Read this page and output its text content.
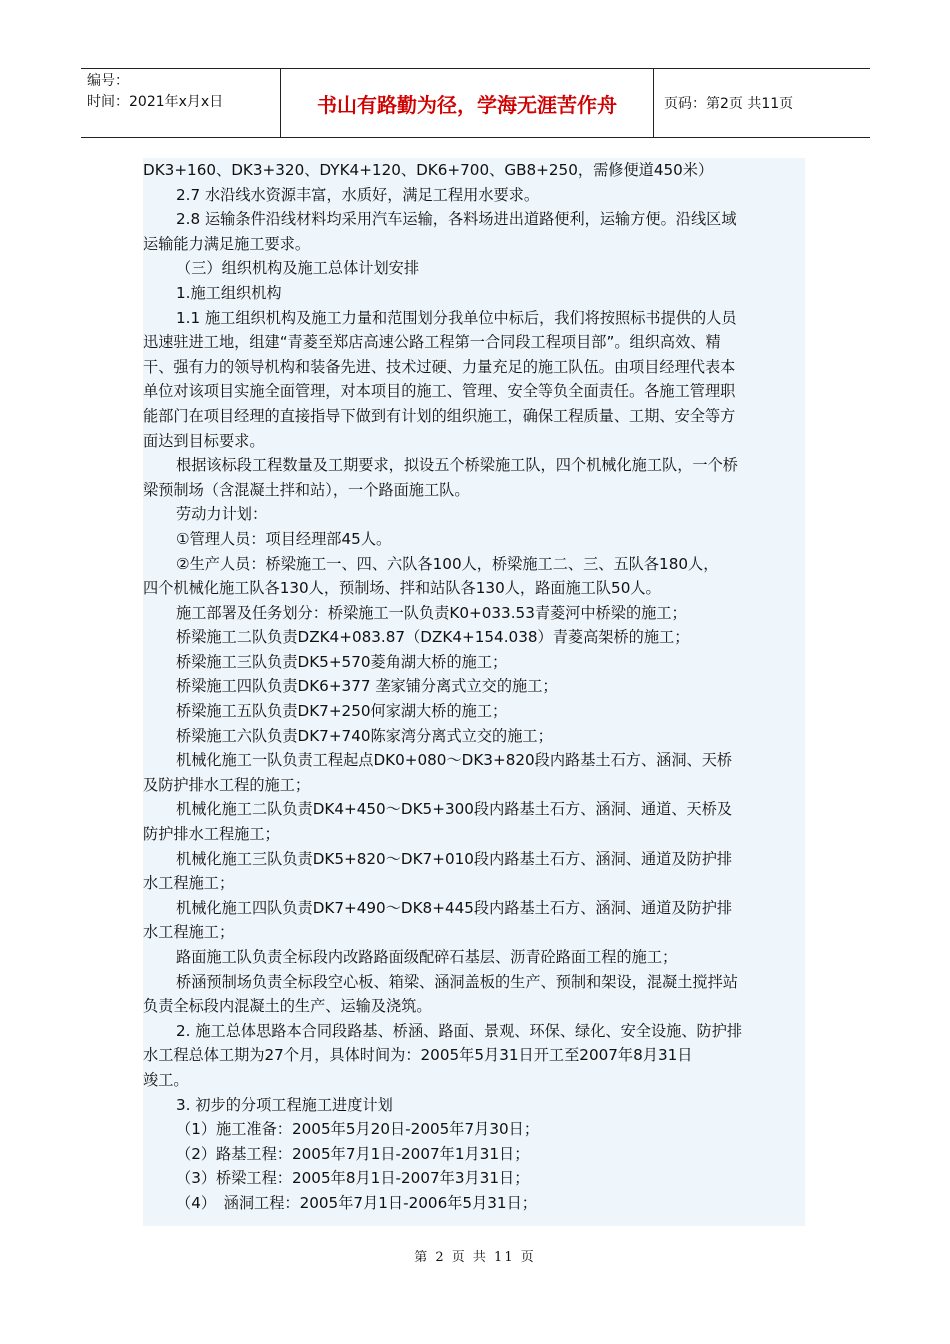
编号：
时间：2021年x月x日	书山有路勤为径，学海无涯苦作舟	页码：第2页 共11页

DK3+160、DK3+320、DYK4+120、DK6+700、GB8+250，需修便道450米）

2.7 水沿线水资源丰富，水质好，满足工程用水要求。

2.8 运输条件沿线材料均采用汽车运输，各料场进出道路便利，运输方便。沿线区域

运输能力满足施工要求。

（三）组织机构及施工总体计划安排

1.施工组织机构

1.1 施工组织机构及施工力量和范围划分我单位中标后，我们将按照标书提供的人员

迅速驻进工地，组建“青菱至郑店高速公路工程第一合同段工程项目部”。组织高效、精

干、强有力的领导机构和装备先进、技术过硬、力量充足的施工队伍。由项目经理代表本

单位对该项目实施全面管理，对本项目的施工、管理、安全等负全面责任。各施工管理职

能部门在项目经理的直接指导下做到有计划的组织施工，确保工程质量、工期、安全等方

面达到目标要求。

根据该标段工程数量及工期要求，拟设五个桥梁施工队，四个机械化施工队，一个桥

梁预制场（含混凝土拌和站），一个路面施工队。

劳动力计划：

①管理人员：项目经理部45人。

②生产人员：桥梁施工一、四、六队各100人，桥梁施工二、三、五队各180人，

四个机械化施工队各130人，预制场、拌和站队各130人，路面施工队50人。

施工部署及任务划分：桥梁施工一队负责K0+033.53青菱河中桥梁的施工；

桥梁施工二队负责DZK4+083.87（DZK4+154.038）青菱高架桥的施工；

桥梁施工三队负责DK5+570菱角湖大桥的施工；

桥梁施工四队负责DK6+377 垄家铺分离式立交的施工；

桥梁施工五队负责DK7+250何家湖大桥的施工；

桥梁施工六队负责DK7+740陈家湾分离式立交的施工；

机械化施工一队负责工程起点DK0+080～DK3+820段内路基土石方、涵洞、天桥

及防护排水工程的施工；

机械化施工二队负责DK4+450～DK5+300段内路基土石方、涵洞、通道、天桥及

防护排水工程施工；

机械化施工三队负责DK5+820～DK7+010段内路基土石方、涵洞、通道及防护排

水工程施工；

机械化施工四队负责DK7+490～DK8+445段内路基土石方、涵洞、通道及防护排

水工程施工；

路面施工队负责全标段内改路路面级配碎石基层、沥青砼路面工程的施工；

桥涵预制场负责全标段空心板、箱梁、涵洞盖板的生产、预制和架设，混凝土搅拌站

负责全标段内混凝土的生产、运输及浇筑。

2. 施工总体思路本合同段路基、桥涵、路面、景观、环保、绿化、安全设施、防护排

水工程总体工期为27个月，具体时间为：2005年5月31日开工至2007年8月31日

竣工。

3. 初步的分项工程施工进度计划

（1）施工准备：2005年5月20日-2005年7月30日；

（2）路基工程：2005年7月1日-2007年1月31日；

（3）桥梁工程：2005年8月1日-2007年3月31日；

（4）　涵洞工程：2005年7月1日-2006年5月31日；

第 2 页 共 11 页
